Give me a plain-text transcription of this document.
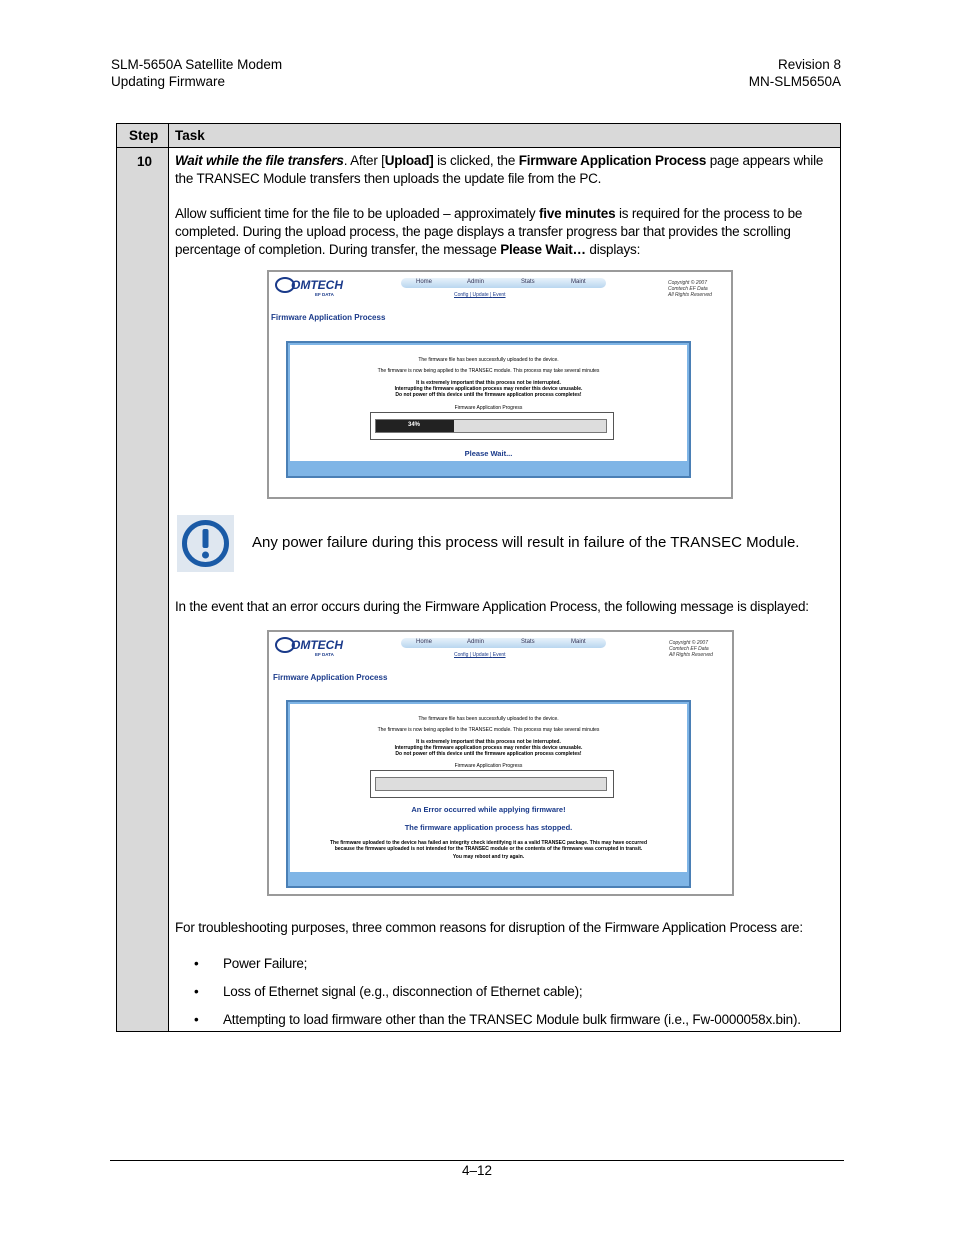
SLM-5650A Satellite Modem
Updating Firmware
Revision 8
MN-SLM5650A
Step Task
10 Wait while the file transfers. After [Upload] is clicked, the Firmware Application Process page appears while the TRANSEC Module transfers then uploads the update file from the PC.
Allow sufficient time for the file to be uploaded – approximately five minutes is required for the process to be completed. During the upload process, the page displays a transfer progress bar that provides the scrolling percentage of completion. During transfer, the message Please Wait… displays:
In the event that an error occurs during the Firmware Application Process, the following message is displayed:
For troubleshooting purposes, three common reasons for disruption of the Firmware Application Process are:
OMTECH
EF DATA
Home	Admin	Stats	Maint
Config | Update | Event
Copyright © 2007
Comtech EF Data
All Rights Reserved
Firmware Application Process
The firmware file has been successfully uploaded to the device.
The firmware is now being applied to the TRANSEC module. This process may take several minutes
It is extremely important that this process not be interrupted.
Interrupting the firmware application process may render this device unusable.
Do not power off this device until the firmware application process completes!
Firmware Application Progress
34%
Please Wait...
Any power failure during this process will result in failure of the TRANSEC Module.
OMTECH
EF DATA
Home	Admin	Stats	Maint
Config | Update | Event
Copyright © 2007
Comtech EF Data
All Rights Reserved
Firmware Application Process
The firmware file has been successfully uploaded to the device.
The firmware is now being applied to the TRANSEC module. This process may take several minutes
It is extremely important that this process not be interrupted.
Interrupting the firmware application process may render this device unusable.
Do not power off this device until the firmware application process completes!
Firmware Application Progress
An Error occurred while applying firmware!
The firmware application process has stopped.
The firmware uploaded to the device has failed an integrity check identifying it as a valid TRANSEC package. This may have occurred
because the firmware uploaded is not intended for the TRANSEC module or the contents of the firmware was corrupted in transit.
You may reboot and try again.
• Power Failure;
• Loss of Ethernet signal (e.g., disconnection of Ethernet cable);
• Attempting to load firmware other than the TRANSEC Module bulk firmware (i.e., Fw-0000058x.bin).
4–12
